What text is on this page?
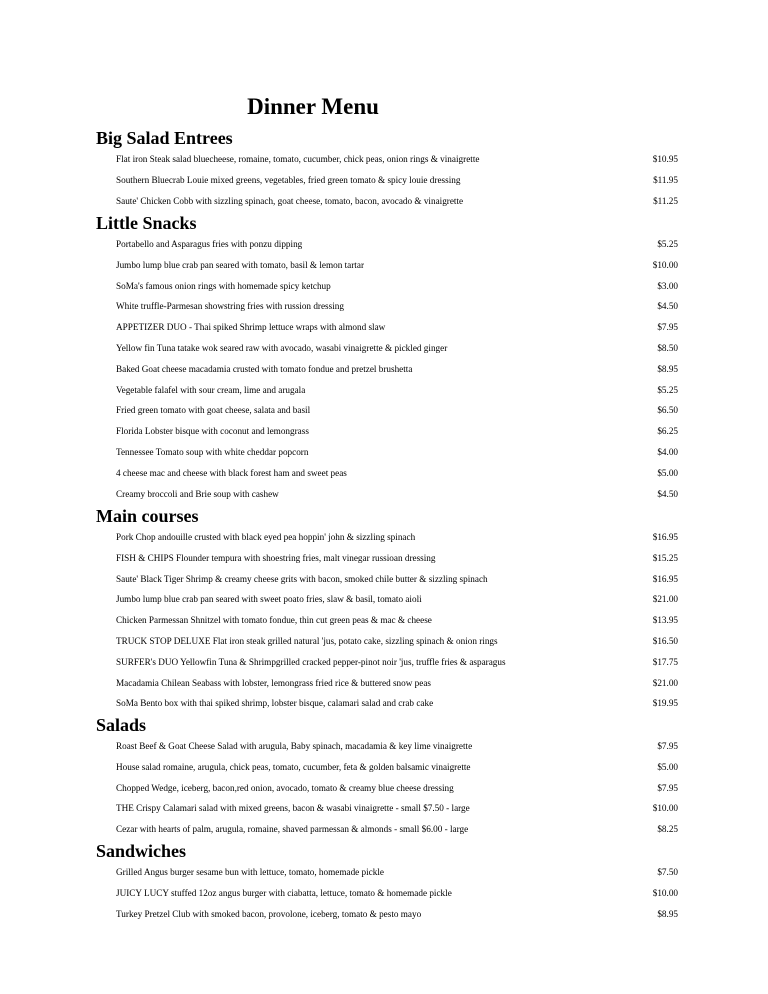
Dinner Menu
Big Salad Entrees
Flat iron Steak salad bluecheese, romaine, tomato, cucumber, chick peas, onion rings & vinaigrette	$10.95
Southern Bluecrab Louie mixed greens, vegetables, fried green tomato & spicy louie dressing	$11.95
Saute' Chicken Cobb with sizzling spinach, goat cheese, tomato, bacon, avocado & vinaigrette	$11.25
Little Snacks
Portabello and Asparagus fries with ponzu dipping	$5.25
Jumbo lump blue crab pan seared with tomato, basil & lemon tartar	$10.00
SoMa's famous onion rings with homemade spicy ketchup	$3.00
White truffle-Parmesan showstring fries with russion dressing	$4.50
APPETIZER DUO - Thai spiked Shrimp lettuce wraps with almond slaw	$7.95
Yellow fin Tuna tatake wok seared raw with avocado, wasabi vinaigrette & pickled ginger	$8.50
Baked Goat cheese macadamia crusted with tomato fondue and pretzel brushetta	$8.95
Vegetable falafel with sour cream, lime and arugala	$5.25
Fried green tomato with goat cheese, salata and basil	$6.50
Florida Lobster bisque with coconut and lemongrass	$6.25
Tennessee Tomato soup with white cheddar popcorn	$4.00
4 cheese mac and cheese with black forest ham and sweet peas	$5.00
Creamy broccoli and Brie soup with cashew	$4.50
Main courses
Pork Chop andouille crusted with black eyed pea hoppin' john & sizzling spinach	$16.95
FISH & CHIPS Flounder tempura with shoestring fries, malt vinegar russioan dressing	$15.25
Saute' Black Tiger Shrimp & creamy cheese grits with bacon, smoked chile butter & sizzling spinach	$16.95
Jumbo lump blue crab pan seared with sweet poato fries, slaw & basil, tomato aioli	$21.00
Chicken Parmessan Shnitzel with tomato fondue, thin cut green peas & mac & cheese	$13.95
TRUCK STOP DELUXE Flat iron steak grilled natural 'jus, potato cake, sizzling spinach & onion rings	$16.50
SURFER's DUO Yellowfin Tuna & Shrimpgrilled cracked pepper-pinot noir 'jus, truffle fries & asparagus	$17.75
Macadamia Chilean Seabass with lobster, lemongrass fried rice & buttered snow peas	$21.00
SoMa Bento box with thai spiked shrimp, lobster bisque, calamari salad and crab cake	$19.95
Salads
Roast Beef & Goat Cheese Salad with arugula, Baby spinach, macadamia & key lime vinaigrette	$7.95
House salad romaine, arugula, chick peas, tomato, cucumber, feta & golden balsamic vinaigrette	$5.00
Chopped Wedge, iceberg, bacon,red onion, avocado, tomato & creamy blue cheese dressing	$7.95
THE Crispy Calamari salad with mixed greens, bacon & wasabi vinaigrette - small $7.50 - large	$10.00
Cezar with hearts of palm, arugula, romaine, shaved parmessan & almonds - small $6.00 - large	$8.25
Sandwiches
Grilled Angus burger sesame bun with lettuce, tomato, homemade pickle	$7.50
JUICY LUCY stuffed 12oz angus burger with ciabatta, lettuce, tomato & homemade pickle	$10.00
Turkey Pretzel Club with smoked bacon, provolone, iceberg, tomato & pesto mayo	$8.95
